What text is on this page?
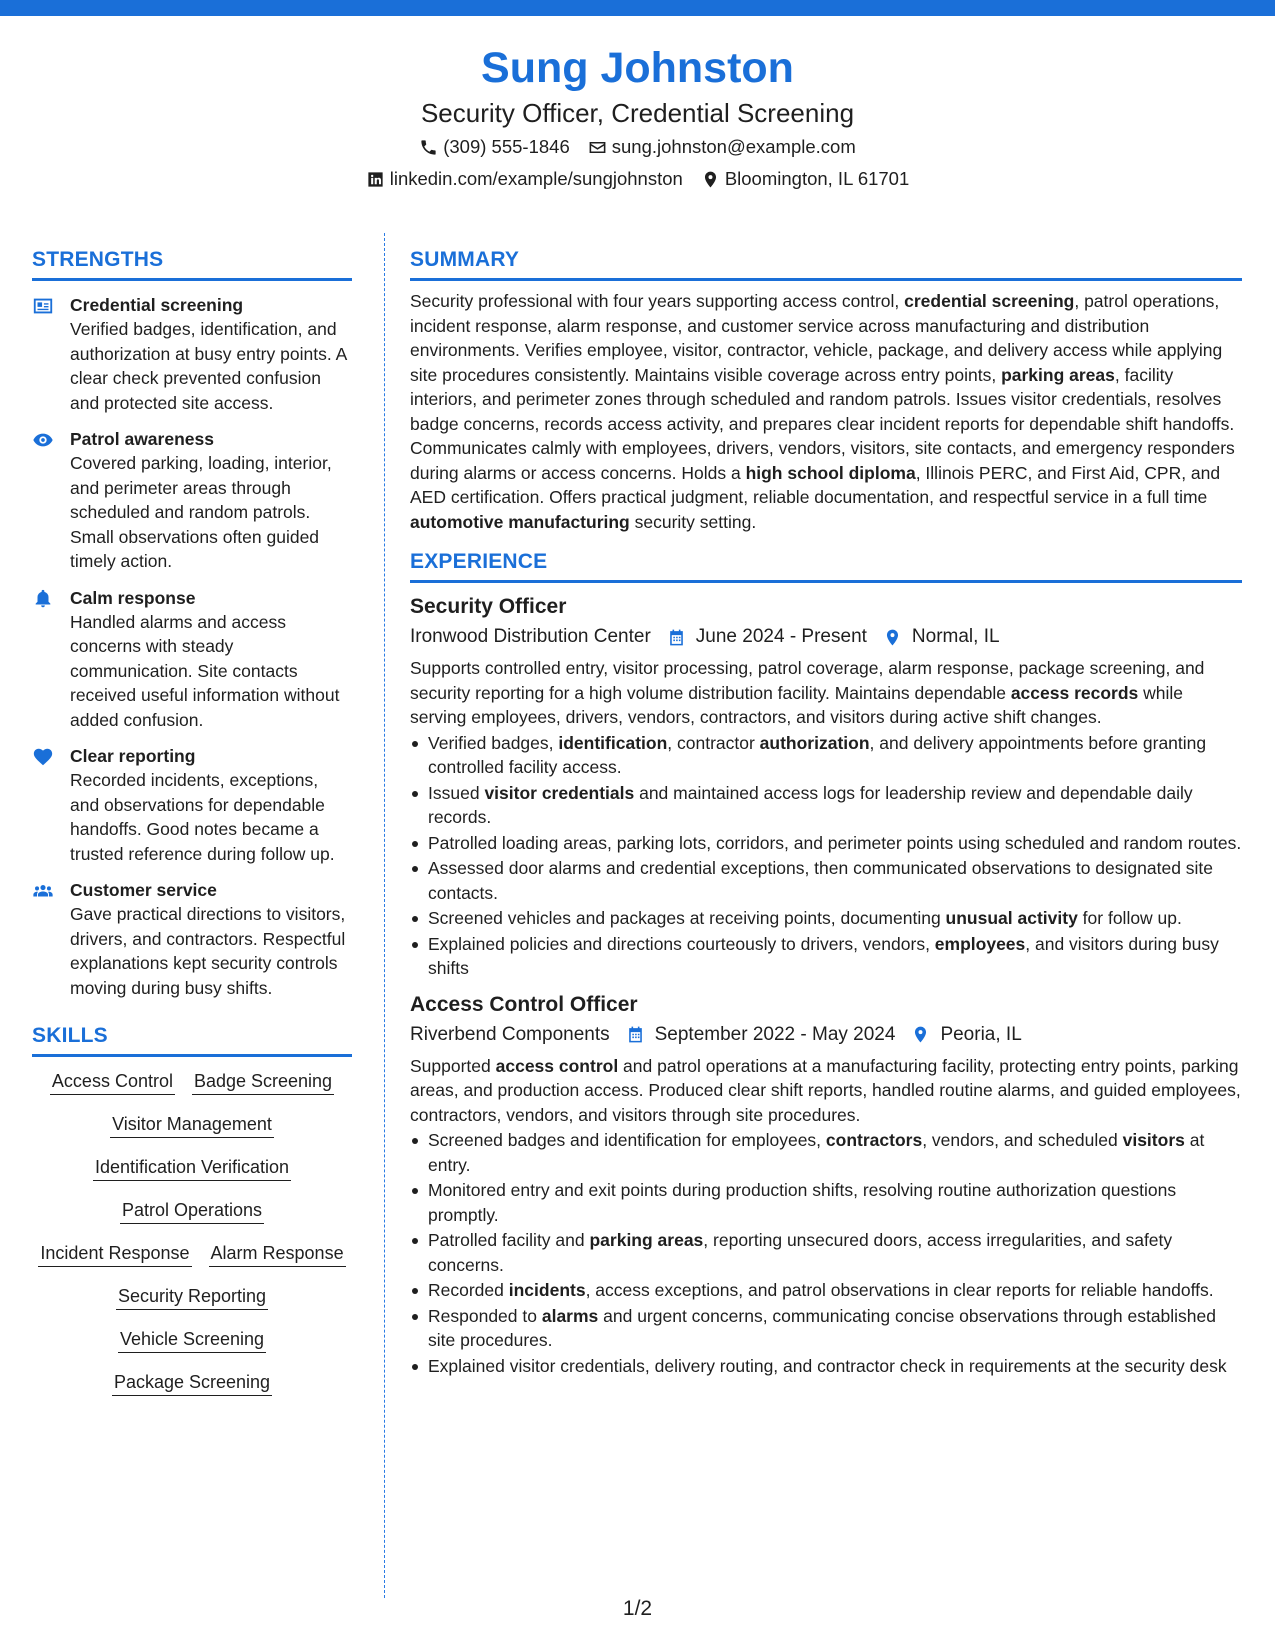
Sung Johnston
Security Officer, Credential Screening
(309) 555-1846 sung.johnston@example.com
linkedin.com/example/sungjohnston Bloomington, IL 61701
STRENGTHS
Credential screening
Verified badges, identification, and authorization at busy entry points. A clear check prevented confusion and protected site access.
Patrol awareness
Covered parking, loading, interior, and perimeter areas through scheduled and random patrols. Small observations often guided timely action.
Calm response
Handled alarms and access concerns with steady communication. Site contacts received useful information without added confusion.
Clear reporting
Recorded incidents, exceptions, and observations for dependable handoffs. Good notes became a trusted reference during follow up.
Customer service
Gave practical directions to visitors, drivers, and contractors. Respectful explanations kept security controls moving during busy shifts.
SKILLS
Access Control Badge Screening
Visitor Management
Identification Verification
Patrol Operations
Incident Response Alarm Response
Security Reporting
Vehicle Screening
Package Screening
SUMMARY
Security professional with four years supporting access control, credential screening, patrol operations, incident response, alarm response, and customer service across manufacturing and distribution environments. Verifies employee, visitor, contractor, vehicle, package, and delivery access while applying site procedures consistently. Maintains visible coverage across entry points, parking areas, facility interiors, and perimeter zones through scheduled and random patrols. Issues visitor credentials, resolves badge concerns, records access activity, and prepares clear incident reports for dependable shift handoffs. Communicates calmly with employees, drivers, vendors, visitors, site contacts, and emergency responders during alarms or access concerns. Holds a high school diploma, Illinois PERC, and First Aid, CPR, and AED certification. Offers practical judgment, reliable documentation, and respectful service in a full time automotive manufacturing security setting.
EXPERIENCE
Security Officer
Ironwood Distribution Center June 2024 - Present Normal, IL
Supports controlled entry, visitor processing, patrol coverage, alarm response, package screening, and security reporting for a high volume distribution facility. Maintains dependable access records while serving employees, drivers, vendors, contractors, and visitors during active shift changes.
Verified badges, identification, contractor authorization, and delivery appointments before granting controlled facility access.
Issued visitor credentials and maintained access logs for leadership review and dependable daily records.
Patrolled loading areas, parking lots, corridors, and perimeter points using scheduled and random routes.
Assessed door alarms and credential exceptions, then communicated observations to designated site contacts.
Screened vehicles and packages at receiving points, documenting unusual activity for follow up.
Explained policies and directions courteously to drivers, vendors, employees, and visitors during busy shifts
Access Control Officer
Riverbend Components September 2022 - May 2024 Peoria, IL
Supported access control and patrol operations at a manufacturing facility, protecting entry points, parking areas, and production access. Produced clear shift reports, handled routine alarms, and guided employees, contractors, vendors, and visitors through site procedures.
Screened badges and identification for employees, contractors, vendors, and scheduled visitors at entry.
Monitored entry and exit points during production shifts, resolving routine authorization questions promptly.
Patrolled facility and parking areas, reporting unsecured doors, access irregularities, and safety concerns.
Recorded incidents, access exceptions, and patrol observations in clear reports for reliable handoffs.
Responded to alarms and urgent concerns, communicating concise observations through established site procedures.
Explained visitor credentials, delivery routing, and contractor check in requirements at the security desk
1/2
